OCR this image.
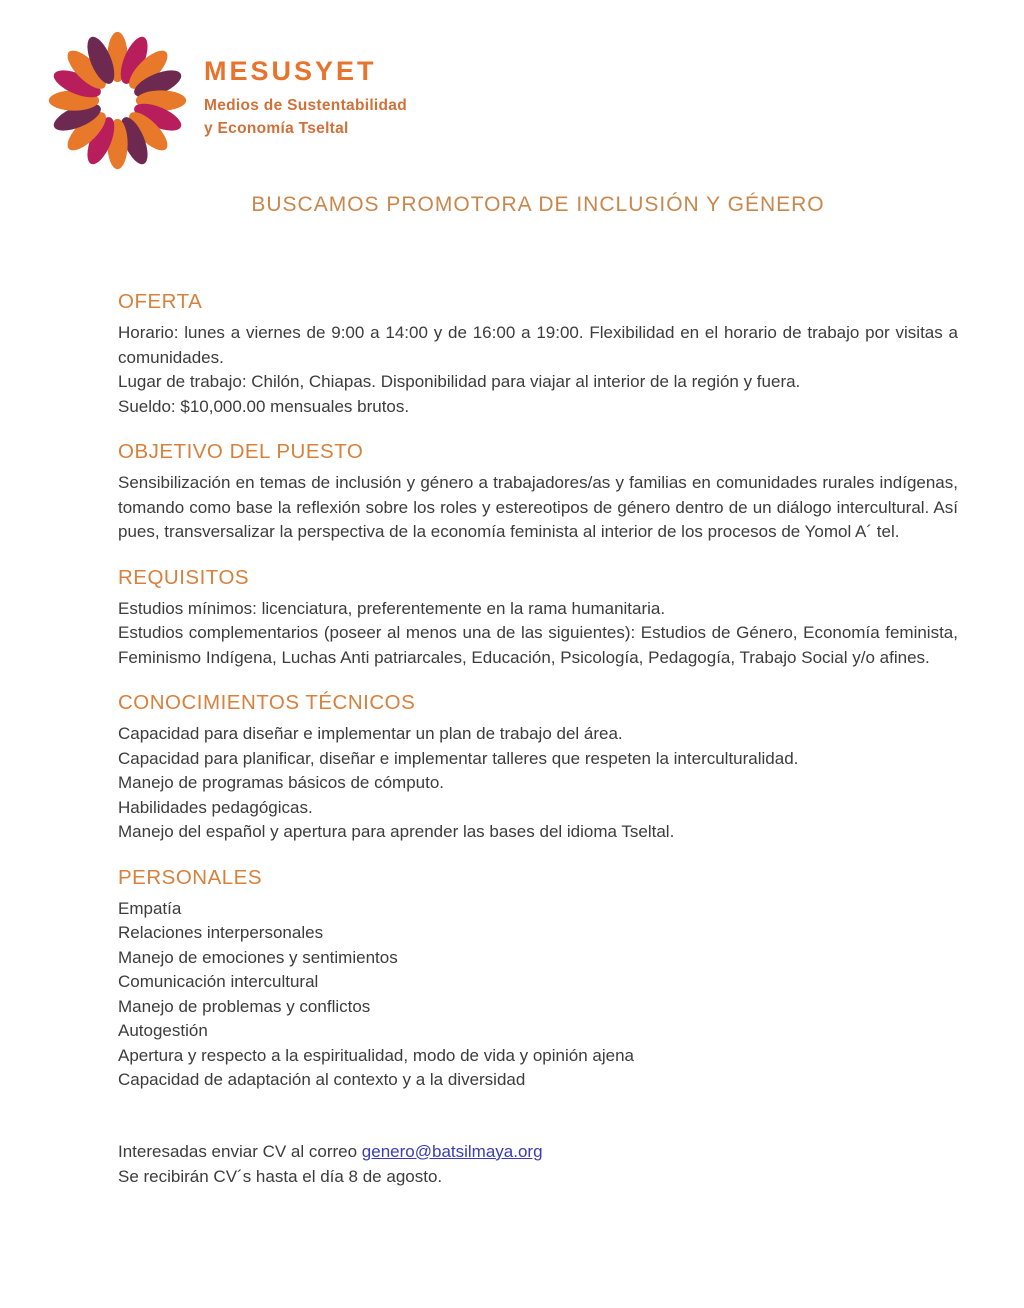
MESUSYET
Medios de Sustentabilidad
y Economía Tseltal
BUSCAMOS PROMOTORA DE INCLUSIÓN Y GÉNERO
OFERTA

Horario: lunes a viernes de 9:00 a 14:00 y de 16:00 a 19:00. Flexibilidad en el horario de trabajo por visitas a comunidades.

Lugar de trabajo: Chilón, Chiapas. Disponibilidad para viajar al interior de la región y fuera.

Sueldo: $10,000.00 mensuales brutos.

OBJETIVO DEL PUESTO

Sensibilización en temas de inclusión y género a trabajadores/as y familias en comunidades rurales indígenas, tomando como base la reflexión sobre los roles y estereotipos de género dentro de un diálogo intercultural. Así pues, transversalizar la perspectiva de la economía feminista al interior de los procesos de Yomol A´ tel.

REQUISITOS

Estudios mínimos: licenciatura, preferentemente en la rama humanitaria.

Estudios complementarios (poseer al menos una de las siguientes): Estudios de Género, Economía feminista, Feminismo Indígena, Luchas Anti patriarcales, Educación, Psicología, Pedagogía, Trabajo Social y/o afines.

CONOCIMIENTOS TÉCNICOS

Capacidad para diseñar e implementar un plan de trabajo del área.

Capacidad para planificar, diseñar e implementar talleres que respeten la interculturalidad.

Manejo de programas básicos de cómputo.

Habilidades pedagógicas.

Manejo del español y apertura para aprender las bases del idioma Tseltal.

PERSONALES

Empatía

Relaciones interpersonales

Manejo de emociones y sentimientos

Comunicación intercultural

Manejo de problemas y conflictos

Autogestión

Apertura y respecto a la espiritualidad, modo de vida y opinión ajena

Capacidad de adaptación al contexto y a la diversidad

Interesadas enviar CV al correo genero@batsilmaya.org

Se recibirán CV´s hasta el día 8 de agosto.
